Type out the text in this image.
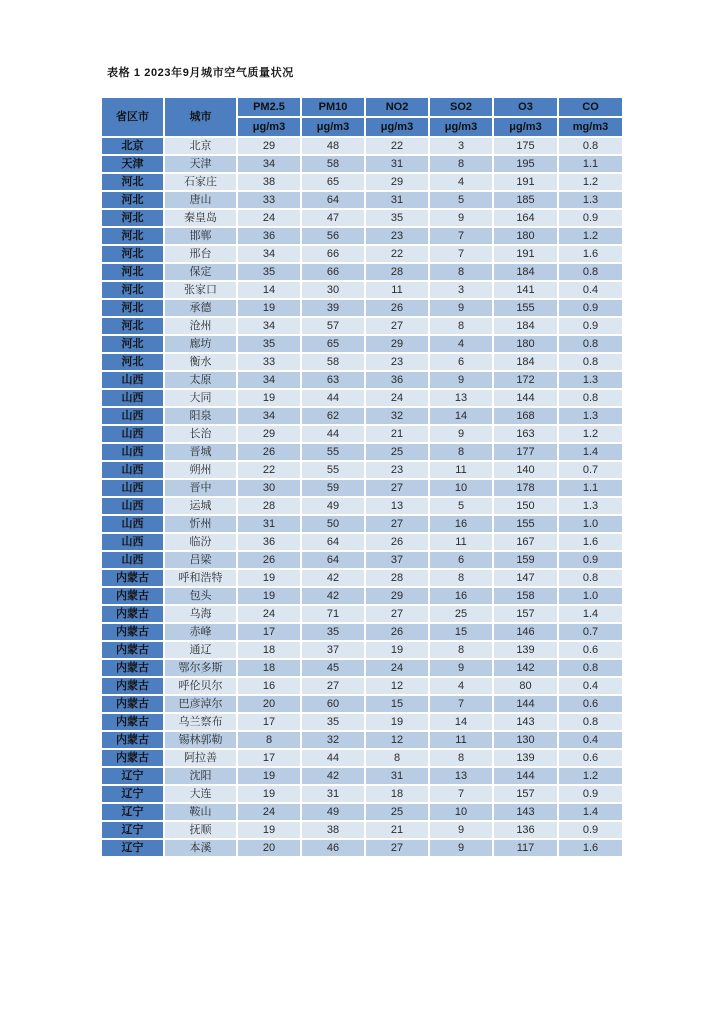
表格 1 2023年9月城市空气质量状况

省区市	城市	PM2.5	PM10	NO2	SO2	O3	CO
		μg/m3	μg/m3	μg/m3	μg/m3	μg/m3	mg/m3
北京	北京	29	48	22	3	175	0.8
天津	天津	34	58	31	8	195	1.1
河北	石家庄	38	65	29	4	191	1.2
河北	唐山	33	64	31	5	185	1.3
河北	秦皇岛	24	47	35	9	164	0.9
河北	邯郸	36	56	23	7	180	1.2
河北	邢台	34	66	22	7	191	1.6
河北	保定	35	66	28	8	184	0.8
河北	张家口	14	30	11	3	141	0.4
河北	承德	19	39	26	9	155	0.9
河北	沧州	34	57	27	8	184	0.9
河北	廊坊	35	65	29	4	180	0.8
河北	衡水	33	58	23	6	184	0.8
山西	太原	34	63	36	9	172	1.3
山西	大同	19	44	24	13	144	0.8
山西	阳泉	34	62	32	14	168	1.3
山西	长治	29	44	21	9	163	1.2
山西	晋城	26	55	25	8	177	1.4
山西	朔州	22	55	23	11	140	0.7
山西	晋中	30	59	27	10	178	1.1
山西	运城	28	49	13	5	150	1.3
山西	忻州	31	50	27	16	155	1.0
山西	临汾	36	64	26	11	167	1.6
山西	吕梁	26	64	37	6	159	0.9
内蒙古	呼和浩特	19	42	28	8	147	0.8
内蒙古	包头	19	42	29	16	158	1.0
内蒙古	乌海	24	71	27	25	157	1.4
内蒙古	赤峰	17	35	26	15	146	0.7
内蒙古	通辽	18	37	19	8	139	0.6
内蒙古	鄂尔多斯	18	45	24	9	142	0.8
内蒙古	呼伦贝尔	16	27	12	4	80	0.4
内蒙古	巴彦淖尔	20	60	15	7	144	0.6
内蒙古	乌兰察布	17	35	19	14	143	0.8
内蒙古	锡林郭勒	8	32	12	11	130	0.4
内蒙古	阿拉善	17	44	8	8	139	0.6
辽宁	沈阳	19	42	31	13	144	1.2
辽宁	大连	19	31	18	7	157	0.9
辽宁	鞍山	24	49	25	10	143	1.4
辽宁	抚顺	19	38	21	9	136	0.9
辽宁	本溪	20	46	27	9	117	1.6
